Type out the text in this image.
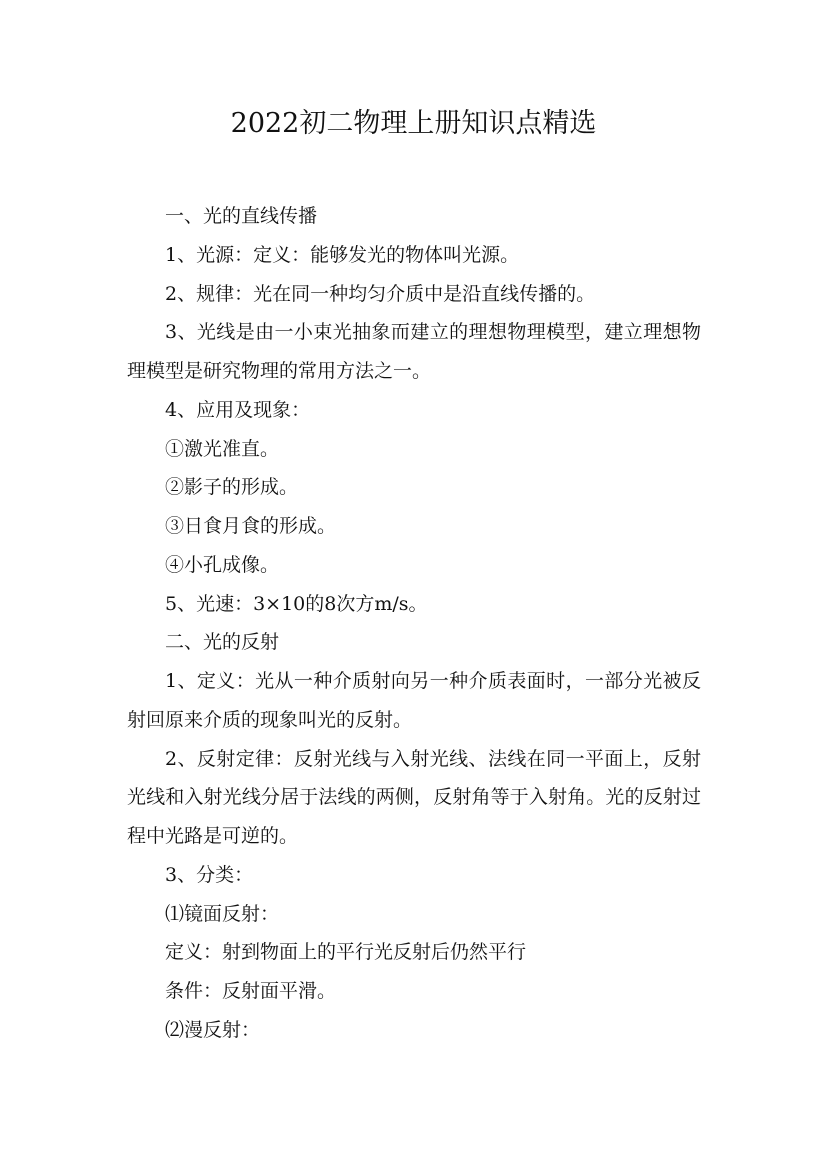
2022初二物理上册知识点精选

一、光的直线传播

1、光源：定义：能够发光的物体叫光源。

2、规律：光在同一种均匀介质中是沿直线传播的。

3、光线是由一小束光抽象而建立的理想物理模型，建立理想物理模型是研究物理的常用方法之一。

4、应用及现象：

①激光准直。

②影子的形成。

③日食月食的形成。

④小孔成像。

5、光速：3×10的8次方m/s。

二、光的反射

1、定义：光从一种介质射向另一种介质表面时，一部分光被反射回原来介质的现象叫光的反射。

2、反射定律：反射光线与入射光线、法线在同一平面上，反射光线和入射光线分居于法线的两侧，反射角等于入射角。光的反射过程中光路是可逆的。

3、分类：

⑴镜面反射：

定义：射到物面上的平行光反射后仍然平行

条件：反射面平滑。

⑵漫反射：
